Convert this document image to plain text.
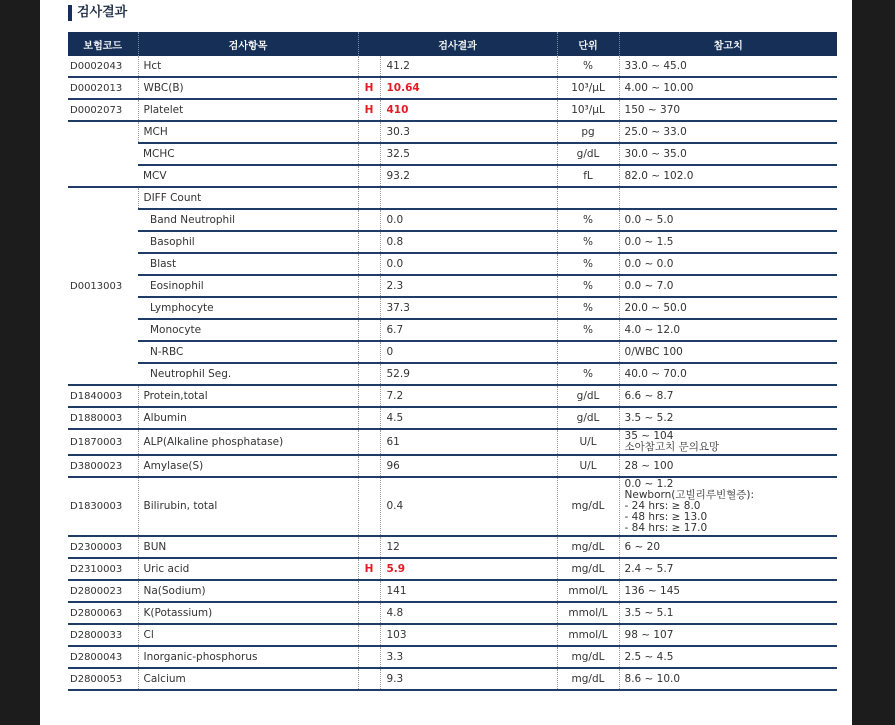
검사결과
보험코드	검사항목	검사결과		단위	참고치
D0002043	Hct		41.2	%	33.0 ~ 45.0

D0002013	WBC(B)	H	10.64	10³/μL	4.00 ~ 10.00

D0002073	Platelet	H	410	10³/μL	150 ~ 370

	MCH		30.3	pg	25.0 ~ 33.0

	MCHC		32.5	g/dL	30.0 ~ 35.0

	MCV		93.2	fL	82.0 ~ 102.0

D0013003	DIFF Count				

	Band Neutrophil		0.0	%	0.0 ~ 5.0

	Basophil		0.8	%	0.0 ~ 1.5

	Blast		0.0	%	0.0 ~ 0.0

	Eosinophil		2.3	%	0.0 ~ 7.0

	Lymphocyte		37.3	%	20.0 ~ 50.0

	Monocyte		6.7	%	4.0 ~ 12.0

	N-RBC		0		0/WBC 100

	Neutrophil Seg.		52.9	%	40.0 ~ 70.0

D1840003	Protein,total		7.2	g/dL	6.6 ~ 8.7

D1880003	Albumin		4.5	g/dL	3.5 ~ 5.2

D1870003	ALP(Alkaline phosphatase)		61	U/L	35 ~ 104
소아참고치 문의요망

D3800023	Amylase(S)		96	U/L	28 ~ 100

D1830003	Bilirubin, total		0.4	mg/dL	0.0 ~ 1.2
Newborn(고빌리루빈혈증):
- 24 hrs: ≥ 8.0
- 48 hrs: ≥ 13.0
- 84 hrs: ≥ 17.0

D2300003	BUN		12	mg/dL	6 ~ 20

D2310003	Uric acid	H	5.9	mg/dL	2.4 ~ 5.7

D2800023	Na(Sodium)		141	mmol/L	136 ~ 145

D2800063	K(Potassium)		4.8	mmol/L	3.5 ~ 5.1

D2800033	Cl		103	mmol/L	98 ~ 107

D2800043	Inorganic-phosphorus		3.3	mg/dL	2.5 ~ 4.5

D2800053	Calcium		9.3	mg/dL	8.6 ~ 10.0
